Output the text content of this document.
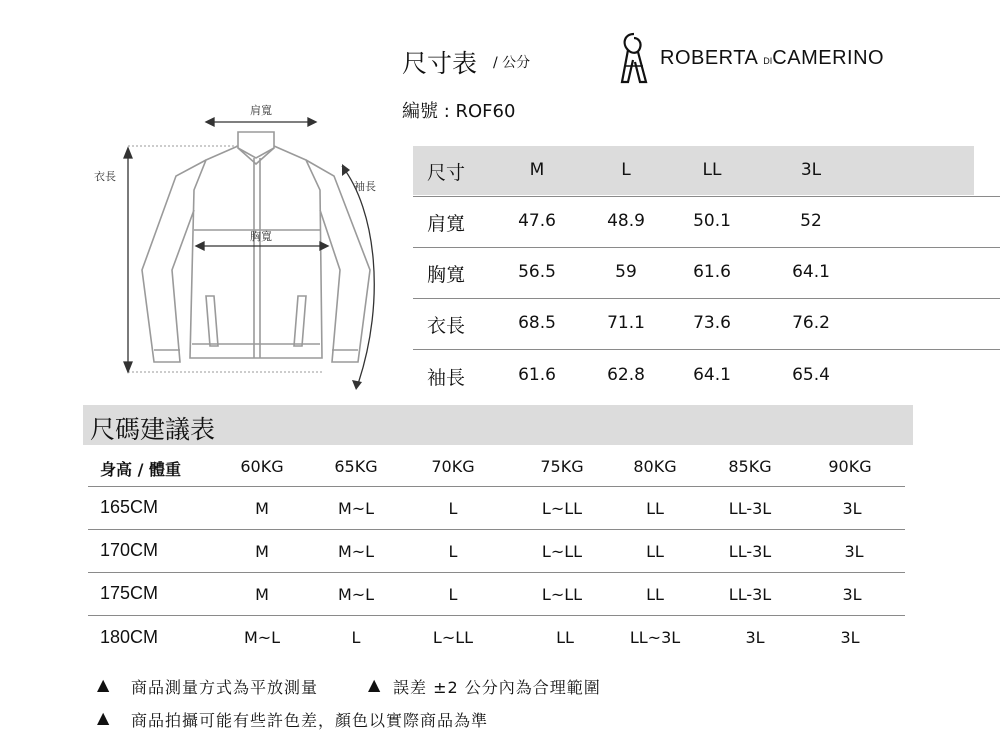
尺寸表 / 公分
編號 : ROF60
ROBERTA DICAMERINO
肩寬
胸寬
衣長
袖長
尺寸	M	L	LL	3L
肩寬	47.6	48.9	50.1	52
胸寬	56.5	59	61.6	64.1
衣長	68.5	71.1	73.6	76.2
袖長	61.6	62.8	64.1	65.4
尺碼建議表
身高 / 體重	60KG	65KG	70KG	75KG	80KG	85KG	90KG
165CM	M	M~L	L	L~LL	LL	LL-3L	3L
170CM	M	M~L	L	L~LL	LL	LL-3L	3L
175CM	M	M~L	L	L~LL	LL	LL-3L	3L
180CM	M~L	L	L~LL	LL	LL~3L	3L	3L
▲ 商品測量方式為平放測量	▲ 誤差 ±2 公分內為合理範圍
▲ 商品拍攝可能有些許色差，顏色以實際商品為準
